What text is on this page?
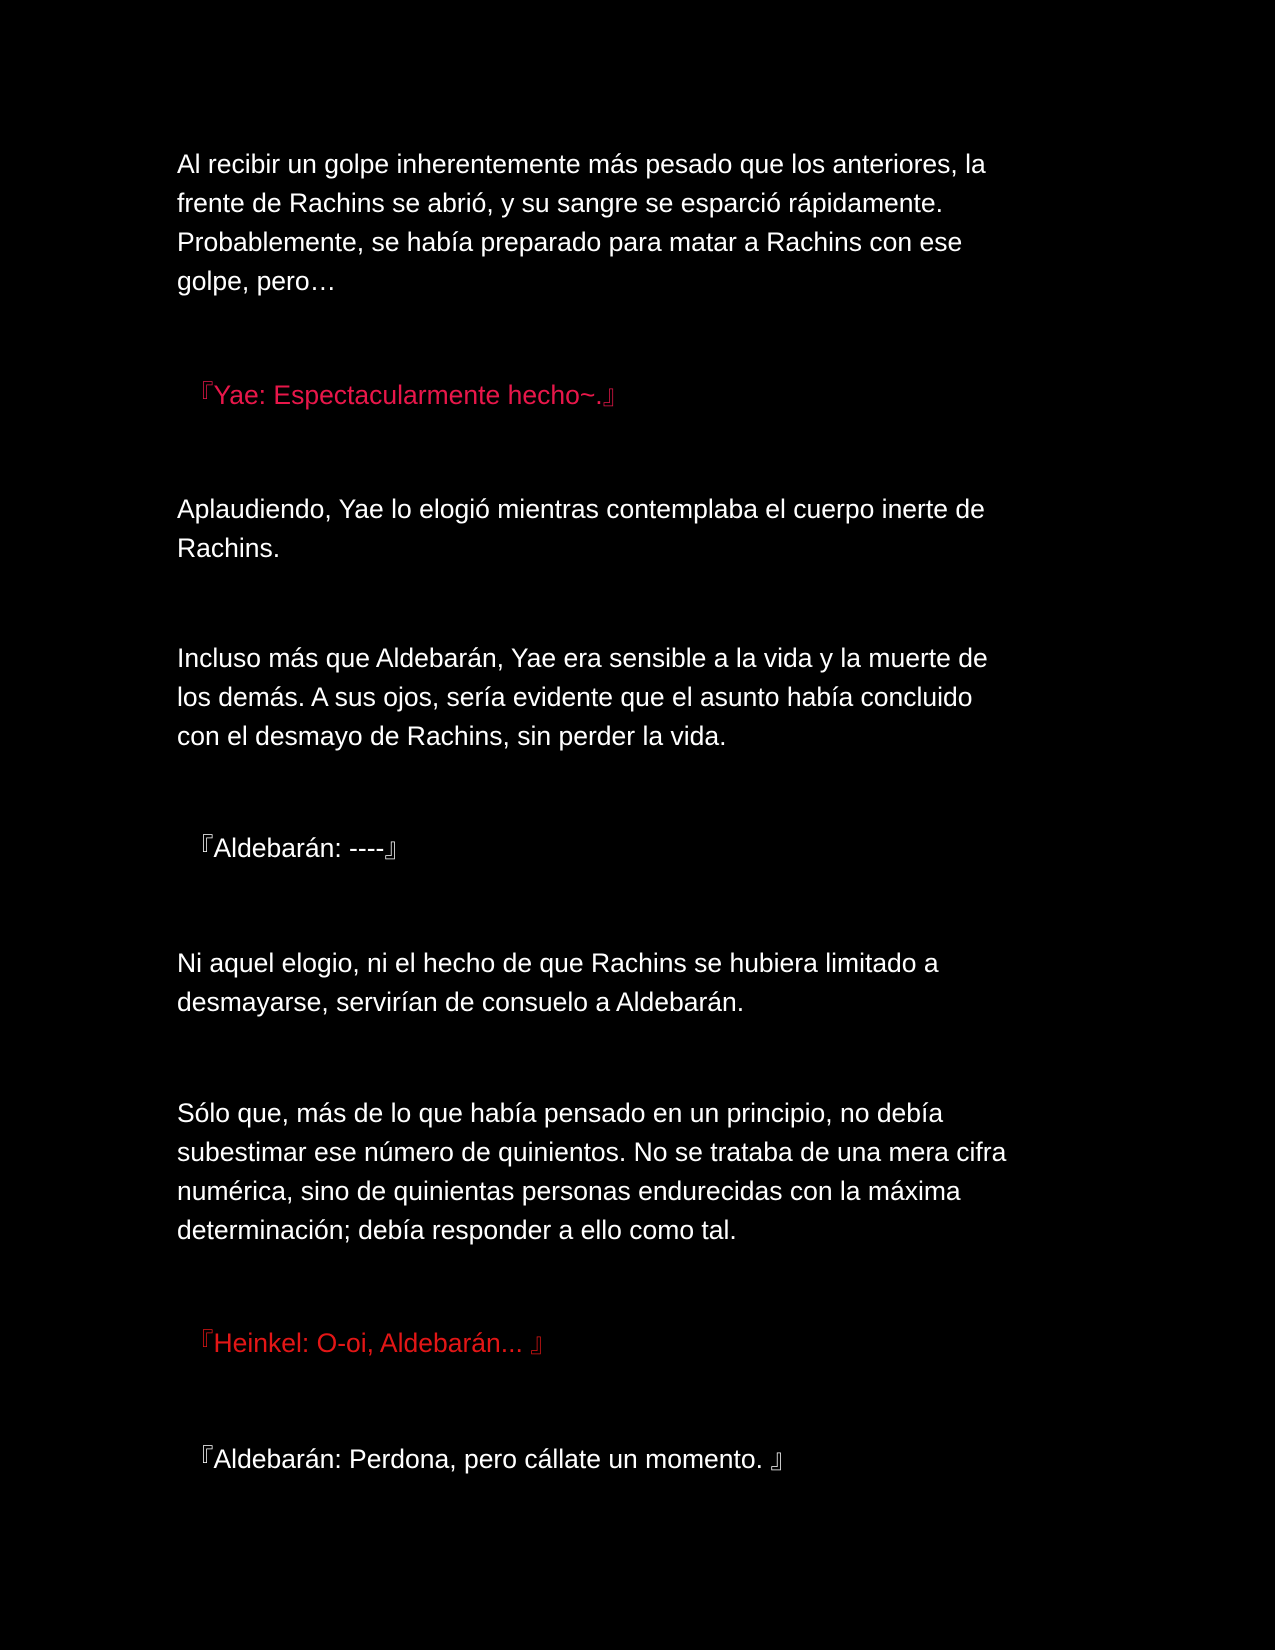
Al recibir un golpe inherentemente más pesado que los anteriores, la
frente de Rachins se abrió, y su sangre se esparció rápidamente.
Probablemente, se había preparado para matar a Rachins con ese
golpe, pero…

『Yae: Espectacularmente hecho~.』

Aplaudiendo, Yae lo elogió mientras contemplaba el cuerpo inerte de
Rachins.

Incluso más que Aldebarán, Yae era sensible a la vida y la muerte de
los demás. A sus ojos, sería evidente que el asunto había concluido
con el desmayo de Rachins, sin perder la vida.

『Aldebarán: ----』

Ni aquel elogio, ni el hecho de que Rachins se hubiera limitado a
desmayarse, servirían de consuelo a Aldebarán.

Sólo que, más de lo que había pensado en un principio, no debía
subestimar ese número de quinientos. No se trataba de una mera cifra
numérica, sino de quinientas personas endurecidas con la máxima
determinación; debía responder a ello como tal.

『Heinkel: O-oi, Aldebarán... 』

『Aldebarán: Perdona, pero cállate un momento. 』
